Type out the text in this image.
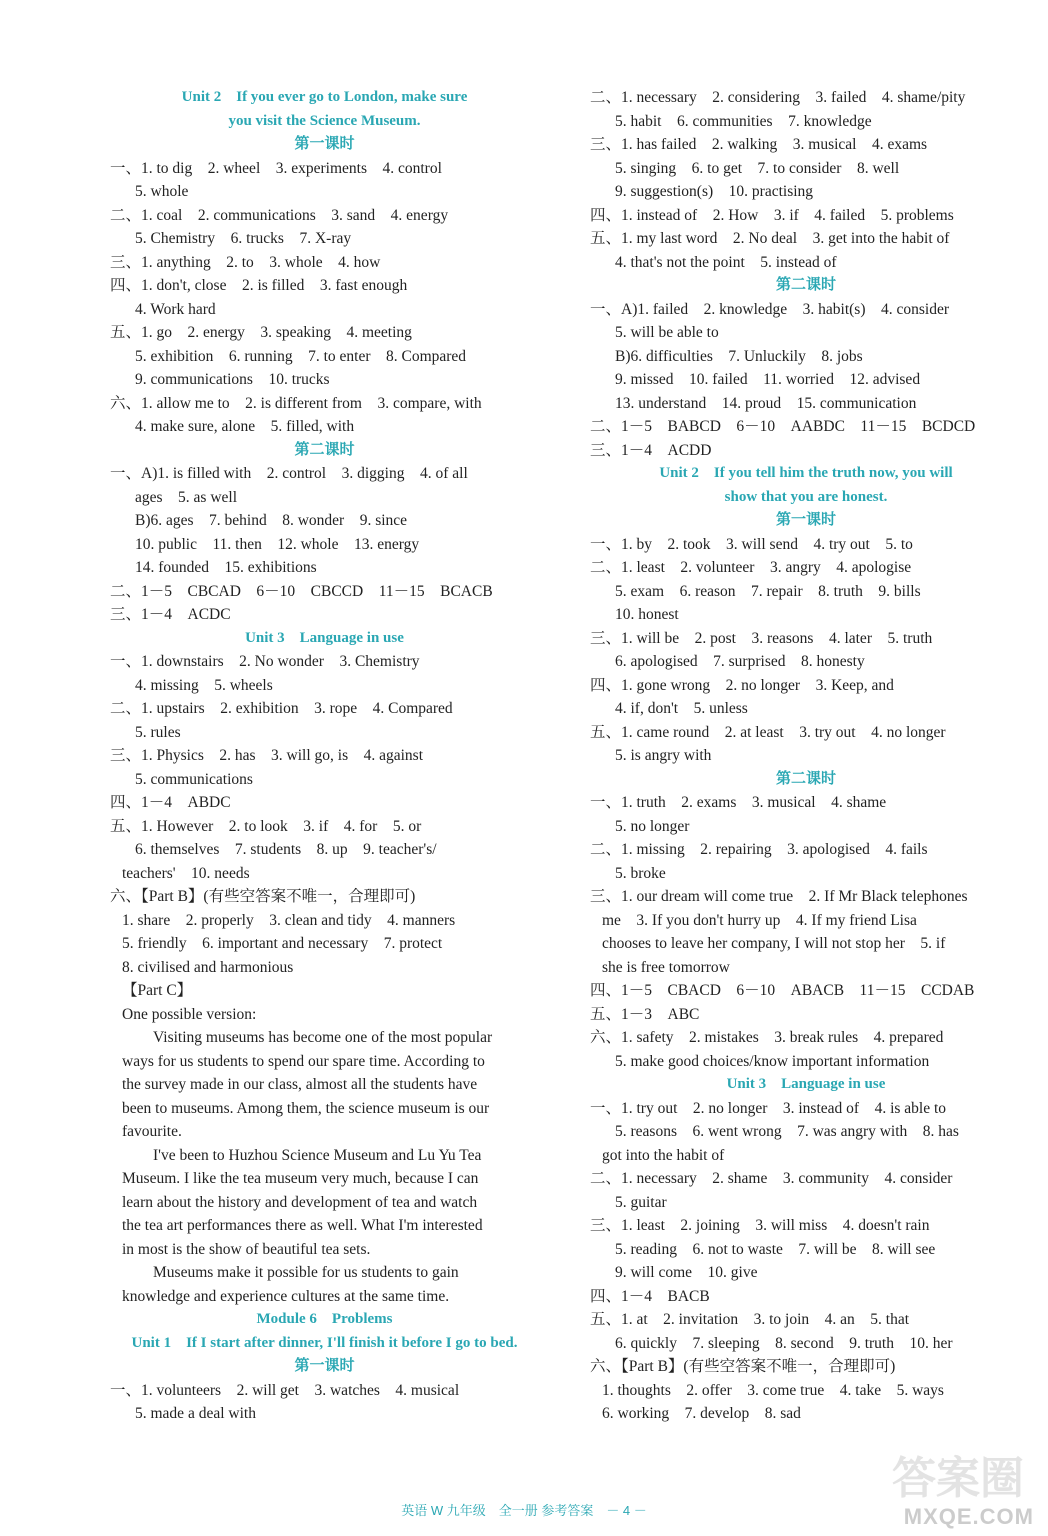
Unit 2　If you ever go to London, make sure
you visit the Science Museum.
第一课时
一、1. to dig　2. wheel　3. experiments　4. control
5. whole
二、1. coal　2. communications　3. sand　4. energy
5. Chemistry　6. trucks　7. X-ray
三、1. anything　2. to　3. whole　4. how
四、1. don't, close　2. is filled　3. fast enough
4. Work hard
五、1. go　2. energy　3. speaking　4. meeting
5. exhibition　6. running　7. to enter　8. Compared
9. communications　10. trucks
六、1. allow me to　2. is different from　3. compare, with
4. make sure, alone　5. filled, with
第二课时
一、A)1. is filled with　2. control　3. digging　4. of all
ages　5. as well
B)6. ages　7. behind　8. wonder　9. since
10. public　11. then　12. whole　13. energy
14. founded　15. exhibitions
二、1－5　CBCAD　6－10　CBCCD　11－15　BCACB
三、1－4　ACDC
Unit 3　Language in use
一、1. downstairs　2. No wonder　3. Chemistry
4. missing　5. wheels
二、1. upstairs　2. exhibition　3. rope　4. Compared
5. rules
三、1. Physics　2. has　3. will go, is　4. against
5. communications
四、1－4　ABDC
五、1. However　2. to look　3. if　4. for　5. or
6. themselves　7. students　8. up　9. teacher's/
teachers'　10. needs
六、【Part B】(有些空答案不唯一，合理即可)
1. share　2. properly　3. clean and tidy　4. manners
5. friendly　6. important and necessary　7. protect
8. civilised and harmonious
【Part C】
One possible version:
　　Visiting museums has become one of the most popular
ways for us students to spend our spare time. According to
the survey made in our class, almost all the students have
been to museums. Among them, the science museum is our
favourite.
　　I've been to Huzhou Science Museum and Lu Yu Tea
Museum. I like the tea museum very much, because I can
learn about the history and development of tea and watch
the tea art performances there as well. What I'm interested
in most is the show of beautiful tea sets.
　　Museums make it possible for us students to gain
knowledge and experience cultures at the same time.
Module 6　Problems
Unit 1　If I start after dinner, I'll finish it before I go to bed.
第一课时
一、1. volunteers　2. will get　3. watches　4. musical
5. made a deal with
二、1. necessary　2. considering　3. failed　4. shame/pity
5. habit　6. communities　7. knowledge
三、1. has failed　2. walking　3. musical　4. exams
5. singing　6. to get　7. to consider　8. well
9. suggestion(s)　10. practising
四、1. instead of　2. How　3. if　4. failed　5. problems
五、1. my last word　2. No deal　3. get into the habit of
4. that's not the point　5. instead of
第二课时
一、A)1. failed　2. knowledge　3. habit(s)　4. consider
5. will be able to
B)6. difficulties　7. Unluckily　8. jobs
9. missed　10. failed　11. worried　12. advised
13. understand　14. proud　15. communication
二、1－5　BABCD　6－10　AABDC　11－15　BCDCD
三、1－4　ACDD
Unit 2　If you tell him the truth now, you will
show that you are honest.
第一课时
一、1. by　2. took　3. will send　4. try out　5. to
二、1. least　2. volunteer　3. angry　4. apologise
5. exam　6. reason　7. repair　8. truth　9. bills
10. honest
三、1. will be　2. post　3. reasons　4. later　5. truth
6. apologised　7. surprised　8. honesty
四、1. gone wrong　2. no longer　3. Keep, and
4. if, don't　5. unless
五、1. came round　2. at least　3. try out　4. no longer
5. is angry with
第二课时
一、1. truth　2. exams　3. musical　4. shame
5. no longer
二、1. missing　2. repairing　3. apologised　4. fails
5. broke
三、1. our dream will come true　2. If Mr Black telephones
me　3. If you don't hurry up　4. If my friend Lisa
chooses to leave her company, I will not stop her　5. if
she is free tomorrow
四、1－5　CBACD　6－10　ABACB　11－15　CCDAB
五、1－3　ABC
六、1. safety　2. mistakes　3. break rules　4. prepared
5. make good choices/know important information
Unit 3　Language in use
一、1. try out　2. no longer　3. instead of　4. is able to
5. reasons　6. went wrong　7. was angry with　8. has
got into the habit of
二、1. necessary　2. shame　3. community　4. consider
5. guitar
三、1. least　2. joining　3. will miss　4. doesn't rain
5. reading　6. not to waste　7. will be　8. will see
9. will come　10. give
四、1－4　BACB
五、1. at　2. invitation　3. to join　4. an　5. that
6. quickly　7. sleeping　8. second　9. truth　10. her
六、【Part B】(有些空答案不唯一，合理即可)
1. thoughts　2. offer　3. come true　4. take　5. ways
6. working　7. develop　8. sad
英语 W 九年级　全一册 参考答案　－ 4 －
答案圈
MXQE.COM
